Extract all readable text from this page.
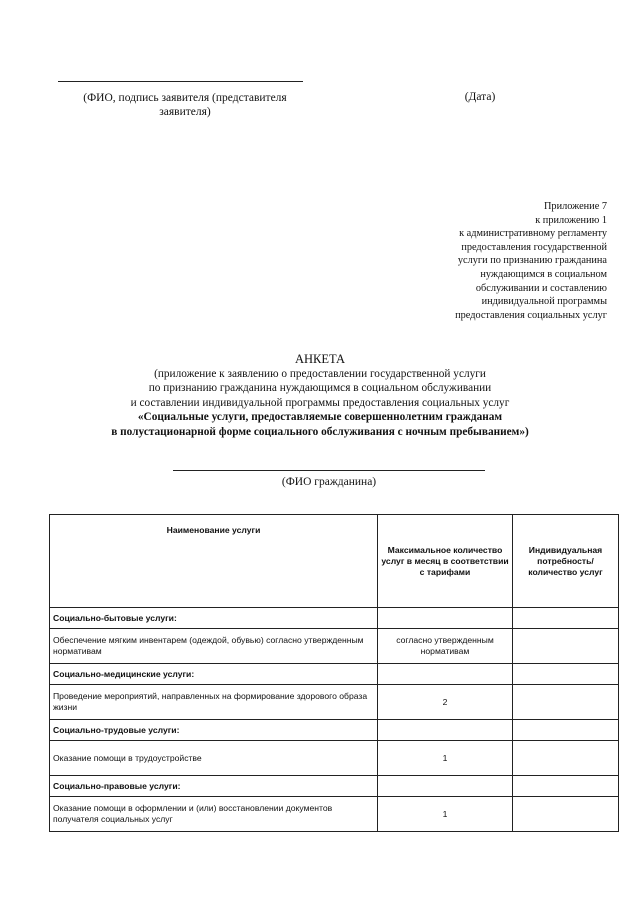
(ФИО, подпись заявителя (представителя заявителя)
(Дата)
Приложение 7
к приложению 1
к административному регламенту
предоставления государственной
услуги по признанию гражданина
нуждающимся в социальном
обслуживании и составлению
индивидуальной программы
предоставления социальных услуг
АНКЕТА
(приложение к заявлению о предоставлении государственной услуги
по признанию гражданина нуждающимся в социальном обслуживании
и составлении индивидуальной программы предоставления социальных услуг
«Социальные услуги, предоставляемые совершеннолетним гражданам
в полустационарной форме социального обслуживания с ночным пребыванием»)
(ФИО гражданина)
Наименование услуги	Максимальное количество услуг в месяц в соответствии с тарифами	Индивидуальная потребность/ количество услуг
Социально-бытовые услуги:		
Обеспечение мягким инвентарем (одеждой, обувью) согласно утвержденным нормативам	согласно утвержденным нормативам	
Социально-медицинские услуги:		
Проведение мероприятий, направленных на формирование здорового образа жизни	2	
Социально-трудовые услуги:		
Оказание помощи в трудоустройстве	1	
Социально-правовые услуги:		
Оказание помощи в оформлении и (или) восстановлении документов получателя социальных услуг	1	
